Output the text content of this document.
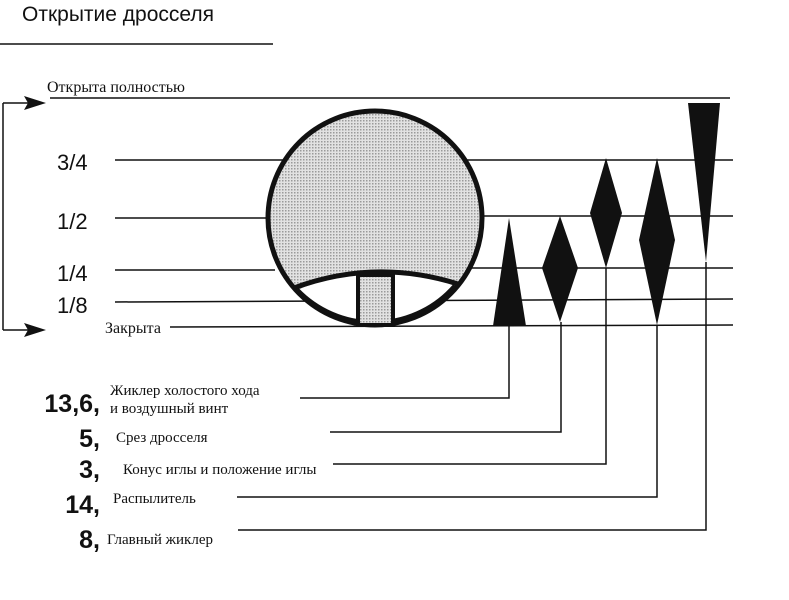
Открытие дросселя
Открыта полностью
3/4
1/2
1/4
1/8
Закрыта
13,6, Жиклер холостого хода
и воздушный винт
5, Срез дросселя
3, Конус иглы и положение иглы
14, Распылитель
8, Главный жиклер
